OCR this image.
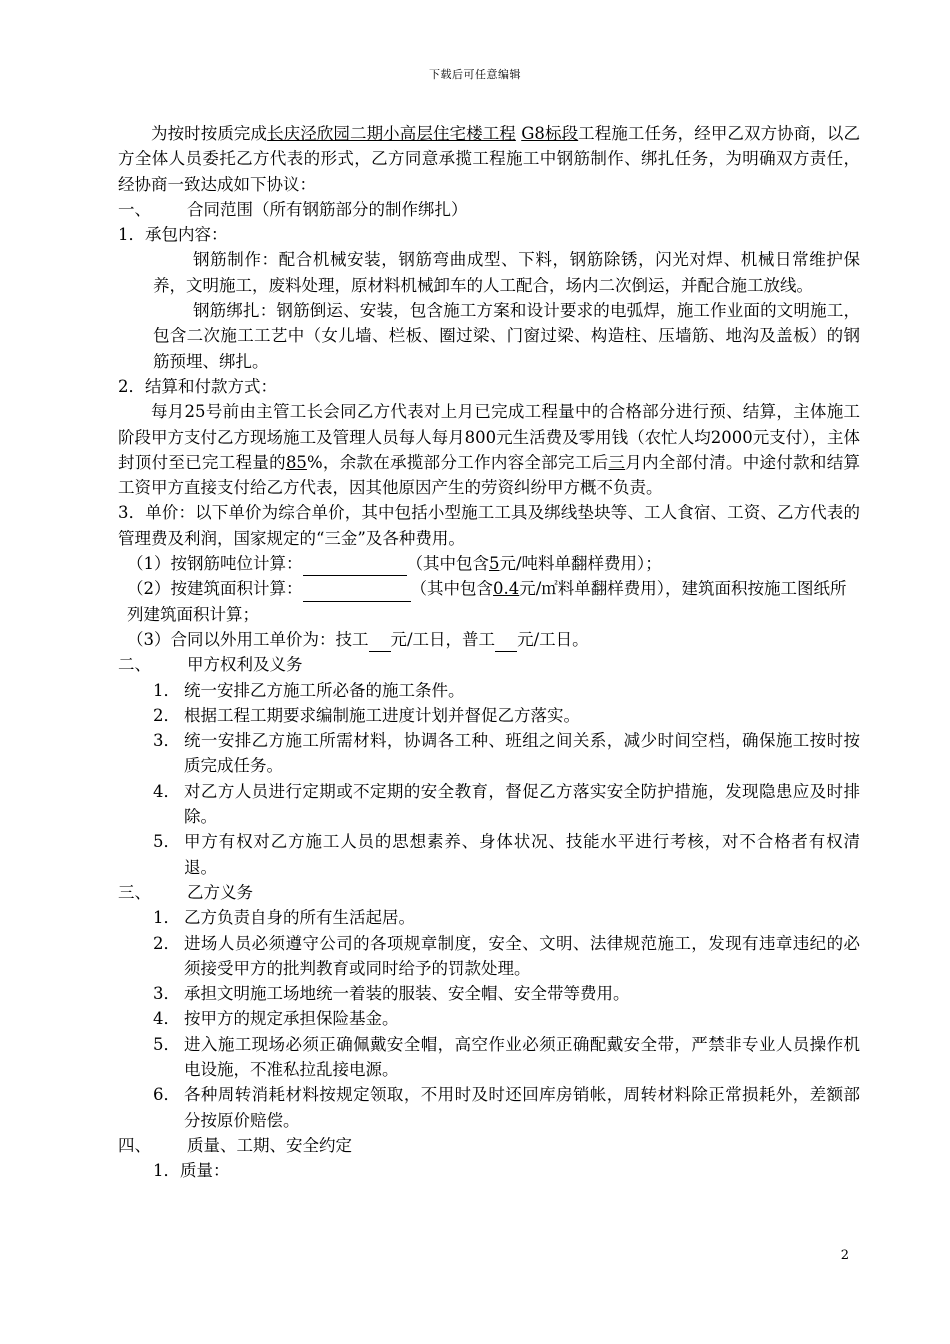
下载后可任意编辑

为按时按质完成长庆泾欣园二期小高层住宅楼工程 G8标段工程施工任务，经甲乙双方协商，以乙方全体人员委托乙方代表的形式，乙方同意承揽工程施工中钢筋制作、绑扎任务，为明确双方责任，经协商一致达成如下协议：

一、	合同范围（所有钢筋部分的制作绑扎）

1．承包内容：

钢筋制作：配合机械安装，钢筋弯曲成型、下料，钢筋除锈，闪光对焊、机械日常维护保养，文明施工，废料处理，原材料机械卸车的人工配合，场内二次倒运，并配合施工放线。

钢筋绑扎：钢筋倒运、安装，包含施工方案和设计要求的电弧焊，施工作业面的文明施工，包含二次施工工艺中（女儿墙、栏板、圈过梁、门窗过梁、构造柱、压墙筋、地沟及盖板）的钢筋预埋、绑扎。

2．结算和付款方式：

每月25号前由主管工长会同乙方代表对上月已完成工程量中的合格部分进行预、结算，主体施工阶段甲方支付乙方现场施工及管理人员每人每月800元生活费及零用钱（农忙人均2000元支付），主体封顶付至已完工程量的85%，余款在承揽部分工作内容全部完工后三月内全部付清。中途付款和结算工资甲方直接支付给乙方代表，因其他原因产生的劳资纠纷甲方概不负责。

3．单价：以下单价为综合单价，其中包括小型施工工具及绑线垫块等、工人食宿、工资、乙方代表的管理费及利润，国家规定的“三金”及各种费用。

（1）按钢筋吨位计算：	（其中包含5元/吨料单翻样费用）；

（2）按建筑面积计算：	（其中包含0.4元/㎡料单翻样费用），建筑面积按施工图纸所列建筑面积计算；

（3）合同以外用工单价为：技工 元/工日，普工 元/工日。

二、	甲方权利及义务
1． 统一安排乙方施工所必备的施工条件。
2． 根据工程工期要求编制施工进度计划并督促乙方落实。
3． 统一安排乙方施工所需材料，协调各工种、班组之间关系，减少时间空档，确保施工按时按质完成任务。
4． 对乙方人员进行定期或不定期的安全教育，督促乙方落实安全防护措施，发现隐患应及时排除。
5． 甲方有权对乙方施工人员的思想素养、身体状况、技能水平进行考核，对不合格者有权清退。
三、	乙方义务
1． 乙方负责自身的所有生活起居。
2． 进场人员必须遵守公司的各项规章制度，安全、文明、法律规范施工，发现有违章违纪的必须接受甲方的批判教育或同时给予的罚款处理。
3． 承担文明施工场地统一着装的服装、安全帽、安全带等费用。
4． 按甲方的规定承担保险基金。
5． 进入施工现场必须正确佩戴安全帽，高空作业必须正确配戴安全带，严禁非专业人员操作机电设施，不准私拉乱接电源。
6． 各种周转消耗材料按规定领取，不用时及时还回库房销帐，周转材料除正常损耗外，差额部分按原价赔偿。
四、	质量、工期、安全约定

1．质量：

2
